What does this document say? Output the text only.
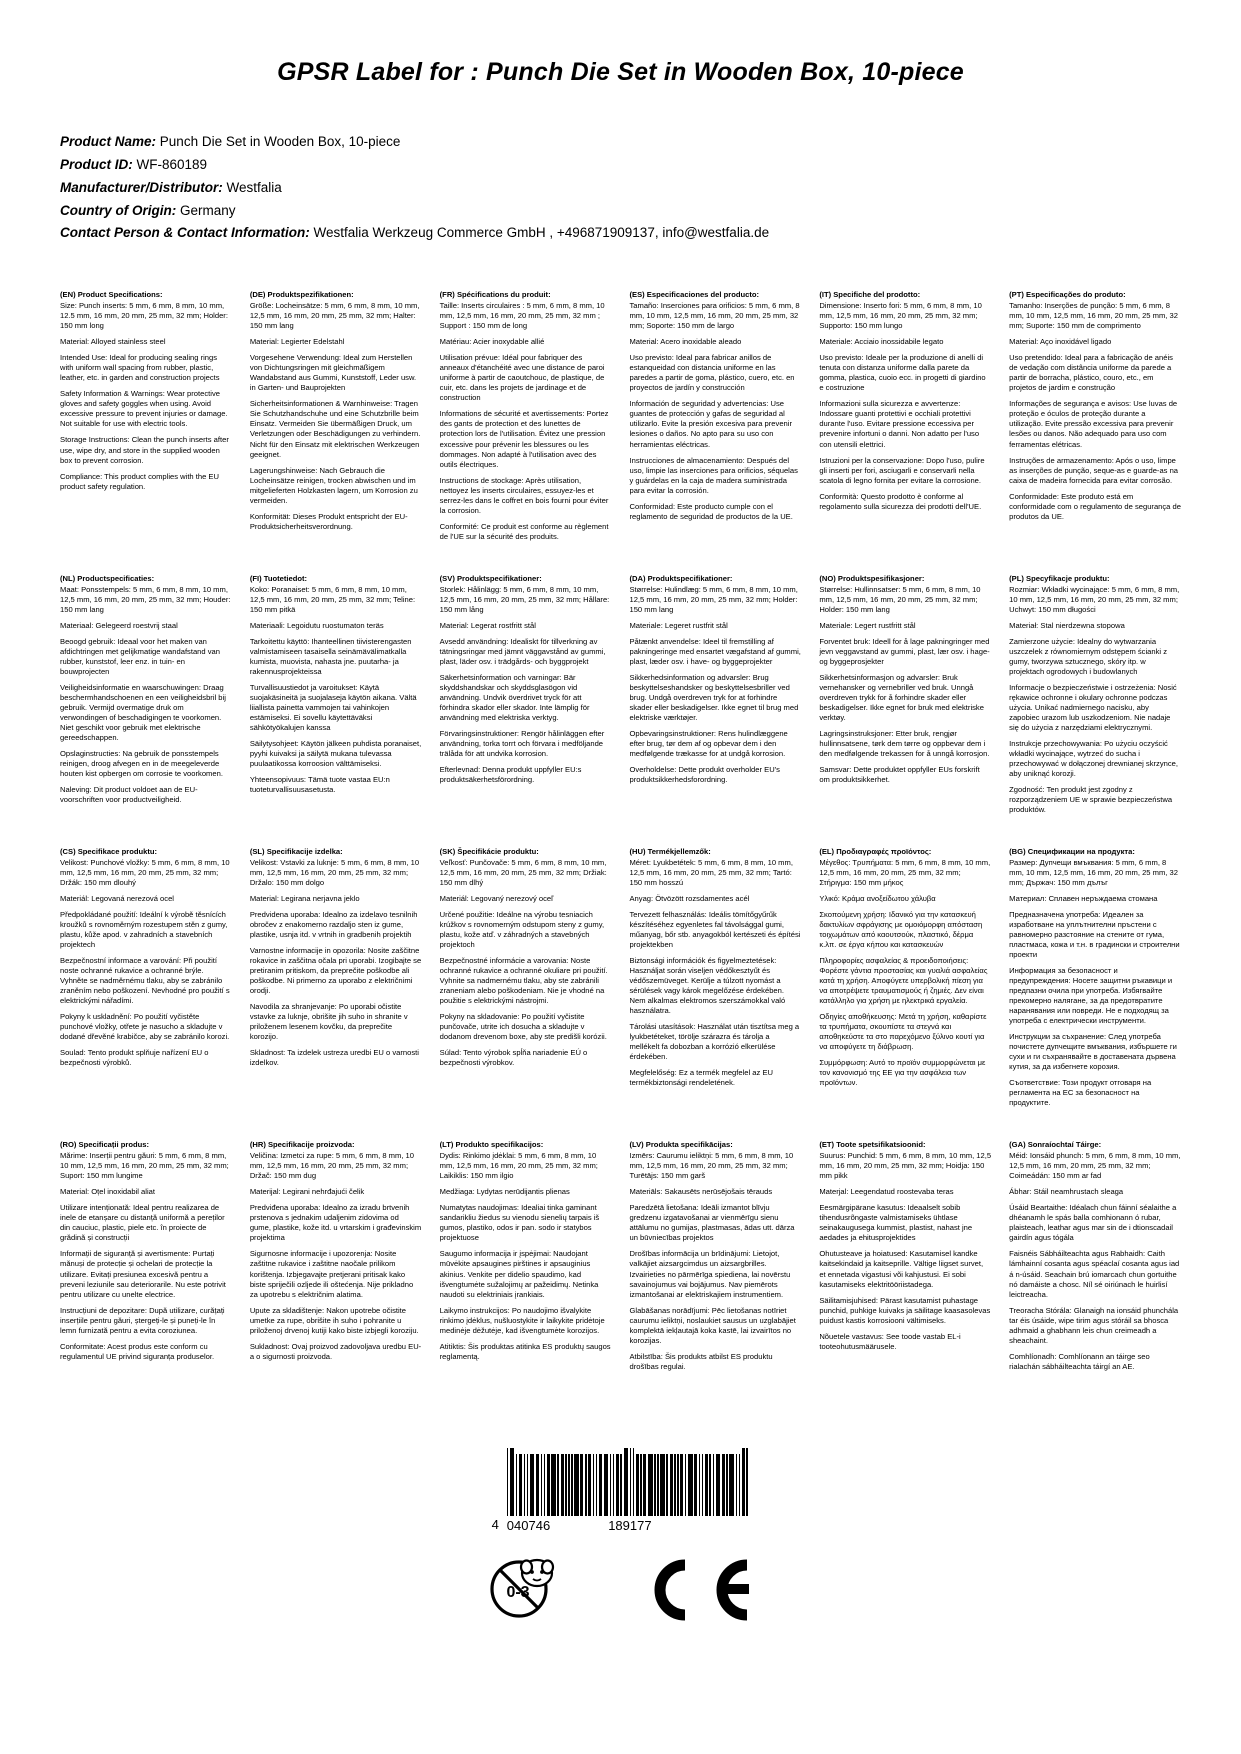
GPSR Label for : Punch Die Set in Wooden Box, 10-piece
Product Name: Punch Die Set in Wooden Box, 10-piece
Product ID: WF-860189
Manufacturer/Distributor: Westfalia
Country of Origin: Germany
Contact Person & Contact Information: Westfalia Werkzeug Commerce GmbH , +496871909137, info@westfalia.de
(EN) Product Specifications:

Size: Punch inserts: 5 mm, 6 mm, 8 mm, 10 mm, 12.5 mm, 16 mm, 20 mm, 25 mm, 32 mm; Holder: 150 mm long

Material: Alloyed stainless steel

Intended Use: Ideal for producing sealing rings with uniform wall spacing from rubber, plastic, leather, etc. in garden and construction projects

Safety Information & Warnings: Wear protective gloves and safety goggles when using. Avoid excessive pressure to prevent injuries or damage. Not suitable for use with electric tools.

Storage Instructions: Clean the punch inserts after use, wipe dry, and store in the supplied wooden box to prevent corrosion.

Compliance: This product complies with the EU product safety regulation.

(DE) Produktspezifikationen:

Größe: Locheinsätze: 5 mm, 6 mm, 8 mm, 10 mm, 12,5 mm, 16 mm, 20 mm, 25 mm, 32 mm; Halter: 150 mm lang

Material: Legierter Edelstahl

Vorgesehene Verwendung: Ideal zum Herstellen von Dichtungsringen mit gleichmäßigem Wandabstand aus Gummi, Kunststoff, Leder usw. in Garten- und Bauprojekten

Sicherheitsinformationen & Warnhinweise: Tragen Sie Schutzhandschuhe und eine Schutzbrille beim Einsatz. Vermeiden Sie übermäßigen Druck, um Verletzungen oder Beschädigungen zu verhindern. Nicht für den Einsatz mit elektrischen Werkzeugen geeignet.

Lagerungshinweise: Nach Gebrauch die Locheinsätze reinigen, trocken abwischen und im mitgelieferten Holzkasten lagern, um Korrosion zu vermeiden.

Konformität: Dieses Produkt entspricht der EU-Produktsicherheitsverordnung.

(FR) Spécifications du produit:

Taille: Inserts circulaires : 5 mm, 6 mm, 8 mm, 10 mm, 12,5 mm, 16 mm, 20 mm, 25 mm, 32 mm ; Support : 150 mm de long

Matériau: Acier inoxydable allié

Utilisation prévue: Idéal pour fabriquer des anneaux d'étanchéité avec une distance de paroi uniforme à partir de caoutchouc, de plastique, de cuir, etc. dans les projets de jardinage et de construction

Informations de sécurité et avertissements: Portez des gants de protection et des lunettes de protection lors de l'utilisation. Évitez une pression excessive pour prévenir les blessures ou les dommages. Non adapté à l'utilisation avec des outils électriques.

Instructions de stockage: Après utilisation, nettoyez les inserts circulaires, essuyez-les et serrez-les dans le coffret en bois fourni pour éviter la corrosion.

Conformité: Ce produit est conforme au règlement de l'UE sur la sécurité des produits.

(ES) Especificaciones del producto:

Tamaño: Inserciones para orificios: 5 mm, 6 mm, 8 mm, 10 mm, 12,5 mm, 16 mm, 20 mm, 25 mm, 32 mm; Soporte: 150 mm de largo

Material: Acero inoxidable aleado

Uso previsto: Ideal para fabricar anillos de estanqueidad con distancia uniforme en las paredes a partir de goma, plástico, cuero, etc. en proyectos de jardín y construcción

Información de seguridad y advertencias: Use guantes de protección y gafas de seguridad al utilizarlo. Evite la presión excesiva para prevenir lesiones o daños. No apto para su uso con herramientas eléctricas.

Instrucciones de almacenamiento: Después del uso, limpie las inserciones para orificios, séquelas y guárdelas en la caja de madera suministrada para evitar la corrosión.

Conformidad: Este producto cumple con el reglamento de seguridad de productos de la UE.

(IT) Specifiche del prodotto:

Dimensione: Inserto fori: 5 mm, 6 mm, 8 mm, 10 mm, 12,5 mm, 16 mm, 20 mm, 25 mm, 32 mm; Supporto: 150 mm lungo

Materiale: Acciaio inossidabile legato

Uso previsto: Ideale per la produzione di anelli di tenuta con distanza uniforme dalla parete da gomma, plastica, cuoio ecc. in progetti di giardino e costruzione

Informazioni sulla sicurezza e avvertenze: Indossare guanti protettivi e occhiali protettivi durante l'uso. Evitare pressione eccessiva per prevenire infortuni o danni. Non adatto per l'uso con utensili elettrici.

Istruzioni per la conservazione: Dopo l'uso, pulire gli inserti per fori, asciugarli e conservarli nella scatola di legno fornita per evitare la corrosione.

Conformità: Questo prodotto è conforme al regolamento sulla sicurezza dei prodotti dell'UE.

(PT) Especificações do produto:

Tamanho: Inserções de punção: 5 mm, 6 mm, 8 mm, 10 mm, 12,5 mm, 16 mm, 20 mm, 25 mm, 32 mm; Suporte: 150 mm de comprimento

Material: Aço inoxidável ligado

Uso pretendido: Ideal para a fabricação de anéis de vedação com distância uniforme da parede a partir de borracha, plástico, couro, etc., em projetos de jardim e construção

Informações de segurança e avisos: Use luvas de proteção e óculos de proteção durante a utilização. Evite pressão excessiva para prevenir lesões ou danos. Não adequado para uso com ferramentas elétricas.

Instruções de armazenamento: Após o uso, limpe as inserções de punção, seque-as e guarde-as na caixa de madeira fornecida para evitar corrosão.

Conformidade: Este produto está em conformidade com o regulamento de segurança de produtos da UE.

(NL) Productspecificaties:

Maat: Ponsstempels: 5 mm, 6 mm, 8 mm, 10 mm, 12,5 mm, 16 mm, 20 mm, 25 mm, 32 mm; Houder: 150 mm lang

Materiaal: Gelegeerd roestvrij staal

Beoogd gebruik: Ideaal voor het maken van afdichtringen met gelijkmatige wandafstand van rubber, kunststof, leer enz. in tuin- en bouwprojecten

Veiligheidsinformatie en waarschuwingen: Draag beschermhandschoenen en een veiligheidsbril bij gebruik. Vermijd overmatige druk om verwondingen of beschadigingen te voorkomen. Niet geschikt voor gebruik met elektrische gereedschappen.

Opslaginstructies: Na gebruik de ponsstempels reinigen, droog afvegen en in de meegeleverde houten kist opbergen om corrosie te voorkomen.

Naleving: Dit product voldoet aan de EU-voorschriften voor productveiligheid.

(FI) Tuotetiedot:

Koko: Poranaiset: 5 mm, 6 mm, 8 mm, 10 mm, 12,5 mm, 16 mm, 20 mm, 25 mm, 32 mm; Teline: 150 mm pitkä

Materiaali: Legoidutu ruostumaton teräs

Tarkoitettu käyttö: Ihanteellinen tiivisterengasten valmistamiseen tasaisella seinämävälimatkalla kumista, muovista, nahasta jne. puutarha- ja rakennusprojekteissa

Turvallisuustiedot ja varoitukset: Käytä suojakäsineitä ja suojalaseja käytön aikana. Vältä liiallista painetta vammojen tai vahinkojen estämiseksi. Ei sovellu käytettäväksi sähkötyökalujen kanssa

Säilytysohjeet: Käytön jälkeen puhdista poranaiset, pyyhi kuivaksi ja säilytä mukana tulevassa puulaatikossa korroosion välttämiseksi.

Yhteensopivuus: Tämä tuote vastaa EU:n tuoteturvallisuusasetusta.

(SV) Produktspecifikationer:

Storlek: Hålinlägg: 5 mm, 6 mm, 8 mm, 10 mm, 12,5 mm, 16 mm, 20 mm, 25 mm, 32 mm; Hållare: 150 mm lång

Material: Legerat rostfritt stål

Avsedd användning: Idealiskt för tillverkning av tätningsringar med jämnt väggavstånd av gummi, plast, läder osv. i trädgårds- och byggprojekt

Säkerhetsinformation och varningar: Bär skyddshandskar och skyddsglasögon vid användning. Undvik överdrivet tryck för att förhindra skador eller skador. Inte lämplig för användning med elektriska verktyg.

Förvaringsinstruktioner: Rengör hålinläggen efter användning, torka torrt och förvara i medföljande trälåda för att undvika korrosion.

Efterlevnad: Denna produkt uppfyller EU:s produktsäkerhetsförordning.

(DA) Produktspecifikationer:

Størrelse: Hulindlæg: 5 mm, 6 mm, 8 mm, 10 mm, 12,5 mm, 16 mm, 20 mm, 25 mm, 32 mm; Holder: 150 mm lang

Materiale: Legeret rustfrit stål

Påtænkt anvendelse: Ideel til fremstilling af pakningeringe med ensartet vægafstand af gummi, plast, læder osv. i have- og byggeprojekter

Sikkerhedsinformation og advarsler: Brug beskyttelseshandsker og beskyttelsesbriller ved brug. Undgå overdreven tryk for at forhindre skader eller beskadigelser. Ikke egnet til brug med elektriske værktøjer.

Opbevaringsinstruktioner: Rens hulindlæggene efter brug, tør dem af og opbevar dem i den medfølgende trækasse for at undgå korrosion.

Overholdelse: Dette produkt overholder EU's produktsikkerhedsforordning.

(NO) Produktspesifikasjoner:

Størrelse: Hullinnsatser: 5 mm, 6 mm, 8 mm, 10 mm, 12,5 mm, 16 mm, 20 mm, 25 mm, 32 mm; Holder: 150 mm lang

Materiale: Legert rustfritt stål

Forventet bruk: Ideell for å lage pakningringer med jevn veggavstand av gummi, plast, lær osv. i hage- og byggeprosjekter

Sikkerhetsinformasjon og advarsler: Bruk vernehansker og vernebriller ved bruk. Unngå overdreven trykk for å forhindre skader eller beskadigelser. Ikke egnet for bruk med elektriske verktøy.

Lagringsinstruksjoner: Etter bruk, rengjør hullinnsatsene, tørk dem tørre og oppbevar dem i den medfølgende trekassen for å unngå korrosjon.

Samsvar: Dette produktet oppfyller EUs forskrift om produktsikkerhet.

(PL) Specyfikacje produktu:

Rozmiar: Wkładki wycinające: 5 mm, 6 mm, 8 mm, 10 mm, 12,5 mm, 16 mm, 20 mm, 25 mm, 32 mm; Uchwyt: 150 mm długości

Materiał: Stal nierdzewna stopowa

Zamierzone użycie: Idealny do wytwarzania uszczelek z równomiernym odstępem ścianki z gumy, tworzywa sztucznego, skóry itp. w projektach ogrodowych i budowlanych

Informacje o bezpieczeństwie i ostrzeżenia: Nosić rękawice ochronne i okulary ochronne podczas użycia. Unikać nadmiernego nacisku, aby zapobiec urazom lub uszkodzeniom. Nie nadaje się do użycia z narzędziami elektrycznymi.

Instrukcje przechowywania: Po użyciu oczyścić wkładki wycinające, wytrzeć do sucha i przechowywać w dołączonej drewnianej skrzynce, aby uniknąć korozji.

Zgodność: Ten produkt jest zgodny z rozporządzeniem UE w sprawie bezpieczeństwa produktów.

(CS) Specifikace produktu:

Velikost: Punchové vložky: 5 mm, 6 mm, 8 mm, 10 mm, 12,5 mm, 16 mm, 20 mm, 25 mm, 32 mm; Držák: 150 mm dlouhý

Materiál: Legovaná nerezová ocel

Předpokládané použití: Ideální k výrobě těsnících kroužků s rovnoměrným rozestupem stěn z gumy, plastu, kůže apod. v zahradních a stavebních projektech

Bezpečnostní informace a varování: Při použití noste ochranné rukavice a ochranné brýle. Vyhněte se nadměrnému tlaku, aby se zabránilo zraněním nebo poškození. Nevhodné pro použití s elektrickými nářadími.

Pokyny k uskladnění: Po použití vyčistěte punchové vložky, otřete je nasucho a skladujte v dodané dřevěné krabičce, aby se zabránilo korozi.

Soulad: Tento produkt splňuje nařízení EU o bezpečnosti výrobků.

(SL) Specifikacije izdelka:

Velikost: Vstavki za luknje: 5 mm, 6 mm, 8 mm, 10 mm, 12,5 mm, 16 mm, 20 mm, 25 mm, 32 mm; Držalo: 150 mm dolgo

Material: Legirana nerjavna jeklo

Predvidena uporaba: Idealno za izdelavo tesnilnih obročev z enakomerno razdaljo sten iz gume, plastike, usnja itd. v vrtnih in gradbenih projektih

Varnostne informacije in opozorila: Nosite zaščitne rokavice in zaščitna očala pri uporabi. Izogibajte se pretiranim pritiskom, da preprečite poškodbe ali poškodbe. Ni primerno za uporabo z električnimi orodji.

Navodila za shranjevanje: Po uporabi očistite vstavke za luknje, obrišite jih suho in shranite v priloženem lesenem kovčku, da preprečite korozijo.

Skladnost: Ta izdelek ustreza uredbi EU o varnosti izdelkov.

(SK) Špecifikácie produktu:

Veľkosť: Punčovače: 5 mm, 6 mm, 8 mm, 10 mm, 12,5 mm, 16 mm, 20 mm, 25 mm, 32 mm; Držiak: 150 mm dlhý

Materiál: Legovaný nerezový oceľ

Určené použitie: Ideálne na výrobu tesniacich krúžkov s rovnomerným odstupom steny z gumy, plastu, kože atď. v záhradných a stavebných projektoch

Bezpečnostné informácie a varovania: Noste ochranné rukavice a ochranné okuliare pri použití. Vyhnite sa nadmernému tlaku, aby ste zabránili zraneniam alebo poškodeniam. Nie je vhodné na použitie s elektrickými nástrojmi.

Pokyny na skladovanie: Po použití vyčistite punčovače, utrite ich dosucha a skladujte v dodanom drevenom boxe, aby ste predišli korózii.

Súlad: Tento výrobok spĺňa nariadenie EÚ o bezpečnosti výrobkov.

(HU) Termékjellemzők:

Méret: Lyukbetétek: 5 mm, 6 mm, 8 mm, 10 mm, 12,5 mm, 16 mm, 20 mm, 25 mm, 32 mm; Tartó: 150 mm hosszú

Anyag: Ötvözött rozsdamentes acél

Tervezett felhasználás: Ideális tömítőgyűrűk készítéséhez egyenletes fal távolsággal gumi, műanyag, bőr stb. anyagokból kertészeti és építési projektekben

Biztonsági információk és figyelmeztetések: Használjat során viseljen védőkesztyűt és védőszemüveget. Kerülje a túlzott nyomást a sérülések vagy károk megelőzése érdekében. Nem alkalmas elektromos szerszámokkal való használatra.

Tárolási utasítások: Használat után tisztítsa meg a lyukbetéteket, törölje szárazra és tárolja a mellékelt fa dobozban a korrózió elkerülése érdekében.

Megfelelőség: Ez a termék megfelel az EU termékbiztonsági rendeletének.

(EL) Προδιαγραφές προϊόντος:

Μέγεθος: Τρυπήματα: 5 mm, 6 mm, 8 mm, 10 mm, 12,5 mm, 16 mm, 20 mm, 25 mm, 32 mm; Στήριγμα: 150 mm μήκος

Υλικό: Κράμα ανοξείδωτου χάλυβα

Σκοπούμενη χρήση: Ιδανικό για την κατασκευή δακτυλίων σφράγισης με ομοιόμορφη απόσταση τοιχωμάτων από καουτσούκ, πλαστικό, δέρμα κ.λπ. σε έργα κήπου και κατασκευών

Πληροφορίες ασφαλείας & προειδοποιήσεις: Φορέστε γάντια προστασίας και γυαλιά ασφαλείας κατά τη χρήση. Αποφύγετε υπερβολική πίεση για να αποτρέψετε τραυματισμούς ή ζημιές. Δεν είναι κατάλληλο για χρήση με ηλεκτρικά εργαλεία.

Οδηγίες αποθήκευσης: Μετά τη χρήση, καθαρίστε τα τρυπήματα, σκουπίστε τα στεγνά και αποθηκεύστε τα στο παρεχόμενο ξύλινο κουτί για να αποφύγετε τη διάβρωση.

Συμμόρφωση: Αυτό το προϊόν συμμορφώνεται με τον κανονισμό της ΕΕ για την ασφάλεια των προϊόντων.

(BG) Спецификации на продукта:

Размер: Дупчещи вмъквания: 5 mm, 6 mm, 8 mm, 10 mm, 12,5 mm, 16 mm, 20 mm, 25 mm, 32 mm; Държач: 150 mm дълъг

Материал: Сплавен неръждаема стомана

Предназначена употреба: Идеален за изработване на уплътнителни пръстени с равномерно разстояние на стените от гума, пластмаса, кожа и т.н. в градински и строителни проекти

Информация за безопасност и предупреждения: Носете защитни ръкавици и предпазни очила при употреба. Избягвайте прекомерно налягане, за да предотвратите наранявания или повреди. Не е подходящ за употреба с електрически инструменти.

Инструкции за съхранение: След употреба почистете дупчещите вмъквания, избършете ги сухи и ги съхранявайте в доставената дървена кутия, за да избегнете корозия.

Съответствие: Този продукт отговаря на регламента на ЕС за безопасност на продуктите.

(RO) Specificații produs:

Mărime: Inserții pentru găuri: 5 mm, 6 mm, 8 mm, 10 mm, 12,5 mm, 16 mm, 20 mm, 25 mm, 32 mm; Suport: 150 mm lungime

Material: Oțel inoxidabil aliat

Utilizare intenționată: Ideal pentru realizarea de inele de etanșare cu distanță uniformă a pereților din cauciuc, plastic, piele etc. în proiecte de grădină și construcții

Informații de siguranță și avertismente: Purtați mănuși de protecție și ochelari de protecție la utilizare. Evitați presiunea excesivă pentru a preveni leziunile sau deteriorarile. Nu este potrivit pentru utilizare cu unelte electrice.

Instrucțiuni de depozitare: După utilizare, curățați inserțiile pentru găuri, ștergeți-le și puneți-le în lemn furnizată pentru a evita coroziunea.

Conformitate: Acest produs este conform cu regulamentul UE privind siguranța produselor.

(HR) Specifikacije proizvoda:

Veličina: Izmetci za rupe: 5 mm, 6 mm, 8 mm, 10 mm, 12,5 mm, 16 mm, 20 mm, 25 mm, 32 mm; Držač: 150 mm dug

Materijal: Legirani nehrđajući čelik

Predviđena uporaba: Idealno za izradu brtvenih prstenova s jednakim udaljenim zidovima od gume, plastike, kože itd. u vrtarskim i građevinskim projektima

Sigurnosne informacije i upozorenja: Nosite zaštitne rukavice i zaštitne naočale prilikom korištenja. Izbjegavajte pretjerani pritisak kako biste spriječili ozljede ili oštećenja. Nije prikladno za upotrebu s električnim alatima.

Upute za skladištenje: Nakon upotrebe očistite umetke za rupe, obrišite ih suho i pohranite u priloženoj drvenoj kutiji kako biste izbjegli koroziju.

Sukladnost: Ovaj proizvod zadovoljava uredbu EU-a o sigurnosti proizvoda.

(LT) Produkto specifikacijos:

Dydis: Rinkimo įdėklai: 5 mm, 6 mm, 8 mm, 10 mm, 12,5 mm, 16 mm, 20 mm, 25 mm, 32 mm; Laikiklis: 150 mm ilgio

Medžiaga: Lydytas nerūdijantis plienas

Numatytas naudojimas: Idealiai tinka gaminant sandarikliu žiedus su vienodu sienelių tarpais iš gumos, plastiko, odos ir pan. sodo ir statybos projektuose

Saugumo informacija ir įspėjimai: Naudojant mūvėkite apsaugines pirštines ir apsauginius akinius. Venkite per didelio spaudimo, kad išvengtumėte sužalojimų ar pažeidimų. Netinka naudoti su elektriniais įrankiais.

Laikymo instrukcijos: Po naudojimo išvalykite rinkimo įdėklus, nušluostykite ir laikykite pridėtoje medinėje dėžutėje, kad išvengtumėte korozijos.

Atitiktis: Šis produktas atitinka ES produktų saugos reglamentą.

(LV) Produkta specifikācijas:

Izmērs: Caurumu ieliktņi: 5 mm, 6 mm, 8 mm, 10 mm, 12,5 mm, 16 mm, 20 mm, 25 mm, 32 mm; Turētājs: 150 mm garš

Materiāls: Sakausēts nerūsējošais tērauds

Paredzētā lietošana: Ideāli izmantot blīvju gredzenu izgatavošanai ar vienmērīgu sienu attālumu no gumijas, plastmasas, ādas utt. dārza un būvniecības projektos

Drošības informācija un brīdinājumi: Lietojot, valkājiet aizsargcimdus un aizsargbrilles. Izvairieties no pārmērīga spiediena, lai novērstu savainojumus vai bojājumus. Nav piemērots izmantošanai ar elektriskajiem instrumentiem.

Glabāšanas norādījumi: Pēc lietošanas notīriet caurumu ieliktņi, noslaukiet sausus un uzglabājiet komplektā iekļautajā koka kastē, lai izvairītos no korozijas.

Atbilstība: Šis produkts atbilst ES produktu drošības regulai.

(ET) Toote spetsifikatsioonid:

Suurus: Punchid: 5 mm, 6 mm, 8 mm, 10 mm, 12,5 mm, 16 mm, 20 mm, 25 mm, 32 mm; Hoidja: 150 mm pikk

Materjal: Leegendatud roostevaba teras

Eesmärgipärane kasutus: Ideaalselt sobib tihendusrõngaste valmistamiseks ühtlase seinakaugusega kummist, plastist, nahast jne aedades ja ehitusprojektides

Ohutusteave ja hoiatused: Kasutamisel kandke kaitsekindaid ja kaitseprille. Vältige liigset survet, et ennetada vigastusi või kahjustusi. Ei sobi kasutamiseks elektritööriistadega.

Säilitamisjuhised: Pärast kasutamist puhastage punchid, puhkige kuivaks ja säilitage kaasasolevas puidust kastis korrosiooni vältimiseks.

Nõuetele vastavus: See toode vastab EL-i tooteohutusmäärusele.

(GA) Sonraíochtaí Táirge:

Méid: Ionsáid phunch: 5 mm, 6 mm, 8 mm, 10 mm, 12,5 mm, 16 mm, 20 mm, 25 mm, 32 mm; Coimeádán: 150 mm ar fad

Ábhar: Stáil neamhrustach sleaga

Úsáid Beartaithe: Idéalach chun fáinní séalaithe a dhéanamh le spás balla comhionann ó rubar, plaisteach, leathar agus mar sin de i dtionscadail gairdín agus tógála

Faisnéis Sábháilteachta agus Rabhaidh: Caith lámhainní cosanta agus spéaclaí cosanta agus iad á n-úsáid. Seachain brú iomarcach chun gortuithe nó damáiste a chosc. Níl sé oiriúnach le huirlisí leictreacha.

Treoracha Stórála: Glanaigh na ionsáid phunchála tar éis úsáide, wipe tirim agus stóráil sa bhosca adhmaid a ghabhann leis chun creimeadh a sheachaint.

Comhlíonadh: Comhlíonann an táirge seo rialachán sábháilteachta táirgí an AE.

4 040746	189177
0-3
